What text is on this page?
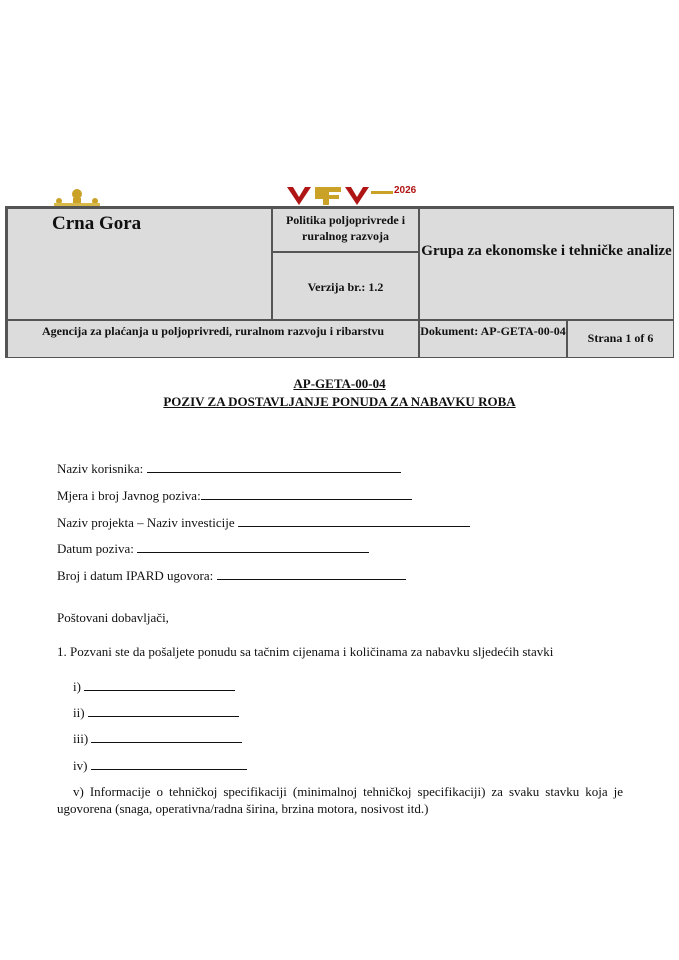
2026
Crna Gora	Politika poljoprivrede i ruralnog razvoja
Verzija br.: 1.2
Grupa za ekonomske i tehničke analize
Agencija za plaćanja u poljoprivredi, ruralnom razvoju i ribarstvu	Dokument: AP-GETA-00-04	Strana 1 of 6
AP-GETA-00-04
POZIV ZA DOSTAVLJANJE PONUDA ZA NABAVKU ROBA
Naziv korisnika:
Mjera i broj Javnog poziva:
Naziv projekta – Naziv investicije
Datum poziva:
Broj i datum IPARD ugovora:
Poštovani dobavljači,
1. Pozvani ste da pošaljete ponudu sa tačnim cijenama i količinama za nabavku sljedećih stavki
i)
ii)
iii)
iv)
v) Informacije o tehničkoj specifikaciji (minimalnoj tehničkoj specifikaciji) za svaku stavku koja je ugovorena (snaga, operativna/radna širina, brzina motora, nosivost itd.)
